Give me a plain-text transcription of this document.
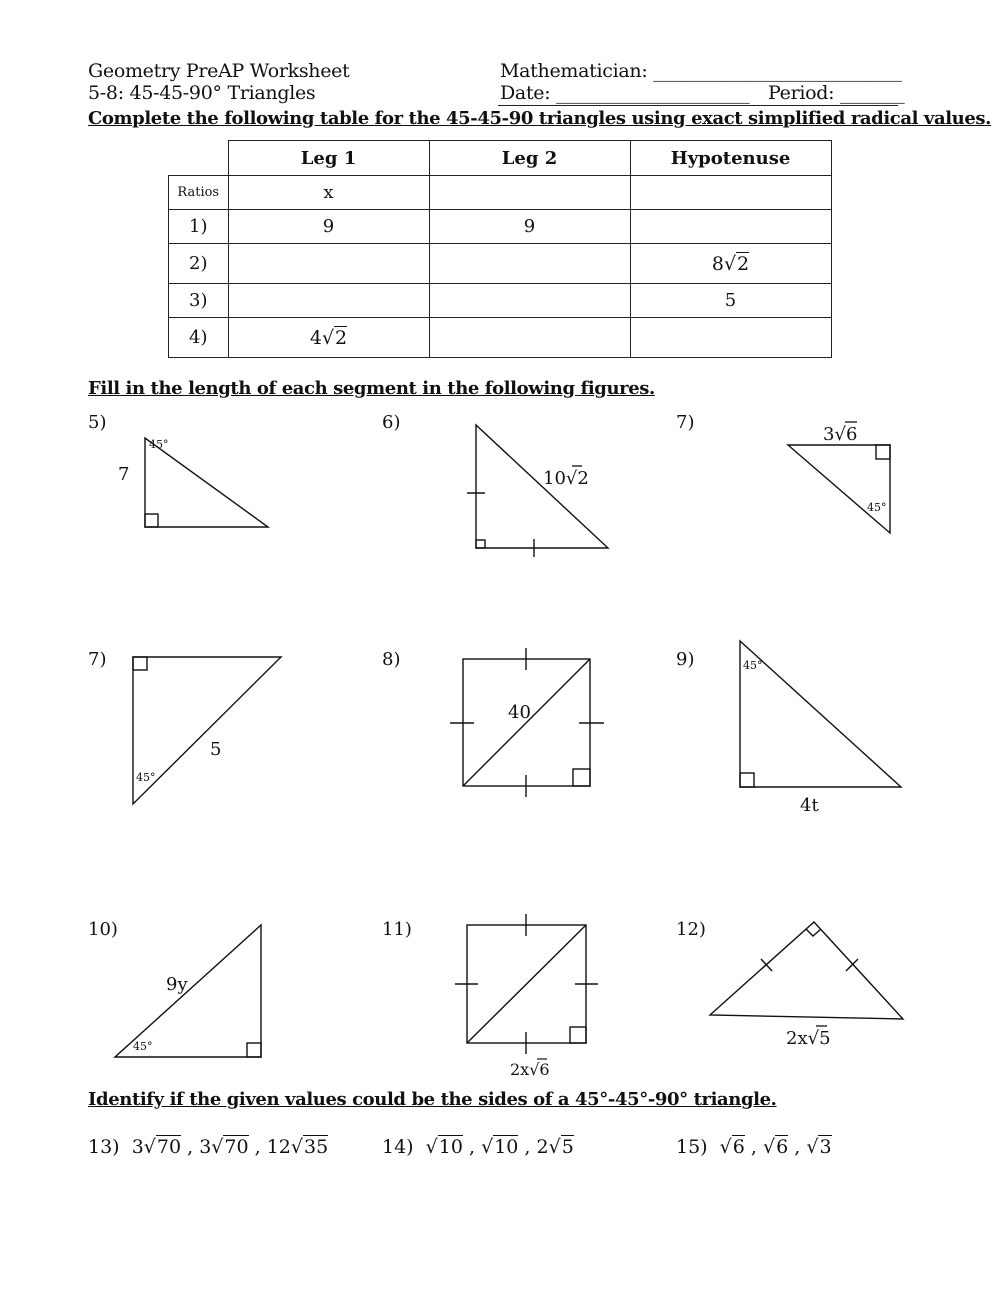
Geometry PreAP Worksheet
5-8: 45-45-90° Triangles
Mathematician: ___________________________
Date: _____________________ Period: _______
Complete the following table for the 45-45-90 triangles using exact simplified radical values.
	Leg 1	Leg 2	Hypotenuse
Ratios	x		
1)	9	9	
2)			8√2
3)			5
4)	4√2		
Fill in the length of each segment in the following figures.
5)	6)	7)
7)	8)	9)
10)	11)	12)
45°
7	10√2
3√6
45°
5
45°
40
45°
4t
9y
45°
2x√6
2x√5
Identify if the given values could be the sides of a 45°-45°-90° triangle.
13) 3√70 , 3√70 , 12√35	14)  √10 , √10 , 2√5	15)  √6 , √6 , √3
